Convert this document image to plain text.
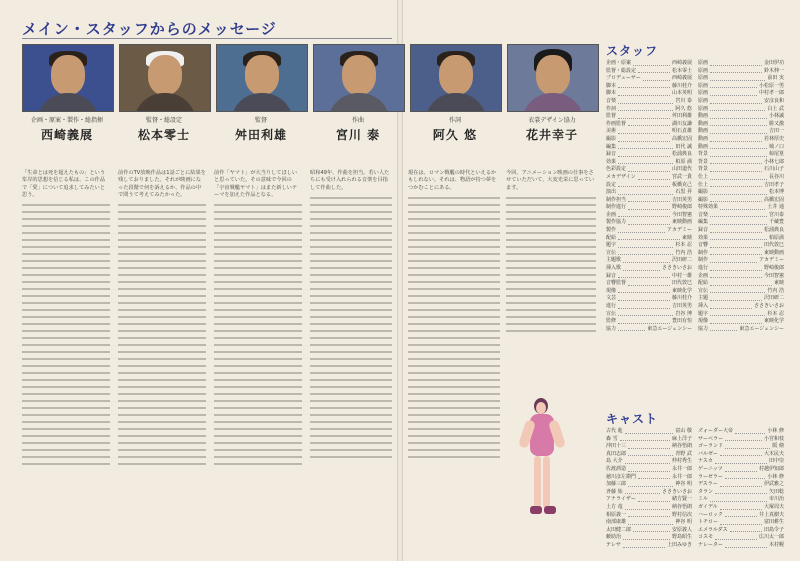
メイン・スタッフからのメッセージ
企画・原案・製作・総指揮
西崎義展
監督・総設定
松本零士
監督
舛田利雄
作曲
宮川 泰
作詞
阿久 悠
衣裳デザイン協力
花井幸子

「生命とは死を超えたもの」という峯岸的思想を信じる私は、この作品で「愛」について追求してみたいと思う。

前作のTV放映作品は1話ごとに結果を残しておりました。それが映画になった段階で何を訴えるか、作品の中で問うて考えてみたかった。

前作「ヤマト」が大当りしてほしいと思っていた。その意味で今回の「宇宙戦艦ヤマト」はまた新しいテーマを加えた作品となる。

昭和49年、作曲を担当。若い人たちにも受け入れられる音楽を目指して作曲した。

現在は、ロマン戦艦の時代といえるかもしれない。それは、物語が持つ夢をつかむことにある。

今回、アニメーション映画の仕事をさせていただいて、大変光栄に思っています。

スタッフ
企画・原案	西崎義展
監督・総設定	松本零士
プロデューサー	西崎義展
脚本	藤川桂介
脚本	山本英明
音楽	宮川 泰
作詞	阿久 悠
監督	舛田利雄
作画監督	湖川友謙
美術	明石貞雄
撮影	高橋宏固
編集	田代 誠
録音	松浦典良
効果	柏原 満
色彩設定	山田道代
メカデザイン	宮武一貴
設定	板橋克己
演出	石黒 昇
制作担当	吉田英男
制作進行	野崎俊郎
企画	今田智憲
製作協力	東映動画
製作	アカデミー
配給	東映
題字	杉本 忍
宣伝	竹内 浩
主題歌	沢田研二
挿入歌	ささきいさお
録音	中村一雄
音響監督	田代敦巳
現像	東映化学
文芸	藤川桂介
進行	吉田英男
宣伝	岩谷 博
監修	豊田有恒
協力	東急エージェンシー
原画	金田伊功
原画	鈴木伸一
原画	前田 実
原画	小松原一男
原画	中村孝一郎
原画	安彦良和
原画	白土 武
動画	小林誠
動画	勝又激
動画	吉田一
動画	若林厚史
動画	城ノ口
背景	椋尾篁
背景	小林七郎
背景	石川山子
仕上	長谷川
仕上	吉田孝子
撮影	松本博
撮影	高橋宏固
特殊効果	土井 通
音楽	宮川泰
編集	千蔵豊
録音	松浦典良
効果	柏原満
音響	田代敦巳
制作	東映動画
制作	アカデミー
進行	野崎俊郎
企画	今田智憲
配給	東映
宣伝	竹内 浩
主題	沢田研二
挿入	ささきいさお
題字	杉本 忍
現像	東映化学
協力	東急エージェンシー
キャスト
古代 進	富山 敬
森 雪	麻上洋子
沖田十三	納谷悟朗
真田志郎	青野 武
島 大介	仲村秀生
佐渡酒造	永井一郎
徳川彦左衛門	永井一郎
加藤三郎	神谷 明
斉藤 始	ささきいさお
アナライザー	緒方賢一
土方 竜	納谷悟朗
相原義一	野村信次
南部康雄	神谷 明
太田健二郎	安原義人
藪助治	野島昭生
テレサ	上田みゆき
ズォーダー大帝	小林 修
サーベラー	小宮和枝
ゴーランド	阪 脩
バルゼー	大木民夫
ナスカ	田中崇
ゲーニッツ	村越伊知郎
ラーゼラー	小林 修
デスラー	伊武雅之
タラン	矢田稔
ミル	市川治
ガイデル	大塚周夫
ハーロック	井上真樹夫
トチロー	富田耕生
エメラルダス	田島令子
コスモ	広川太一郎
ナレーター	木村幌
